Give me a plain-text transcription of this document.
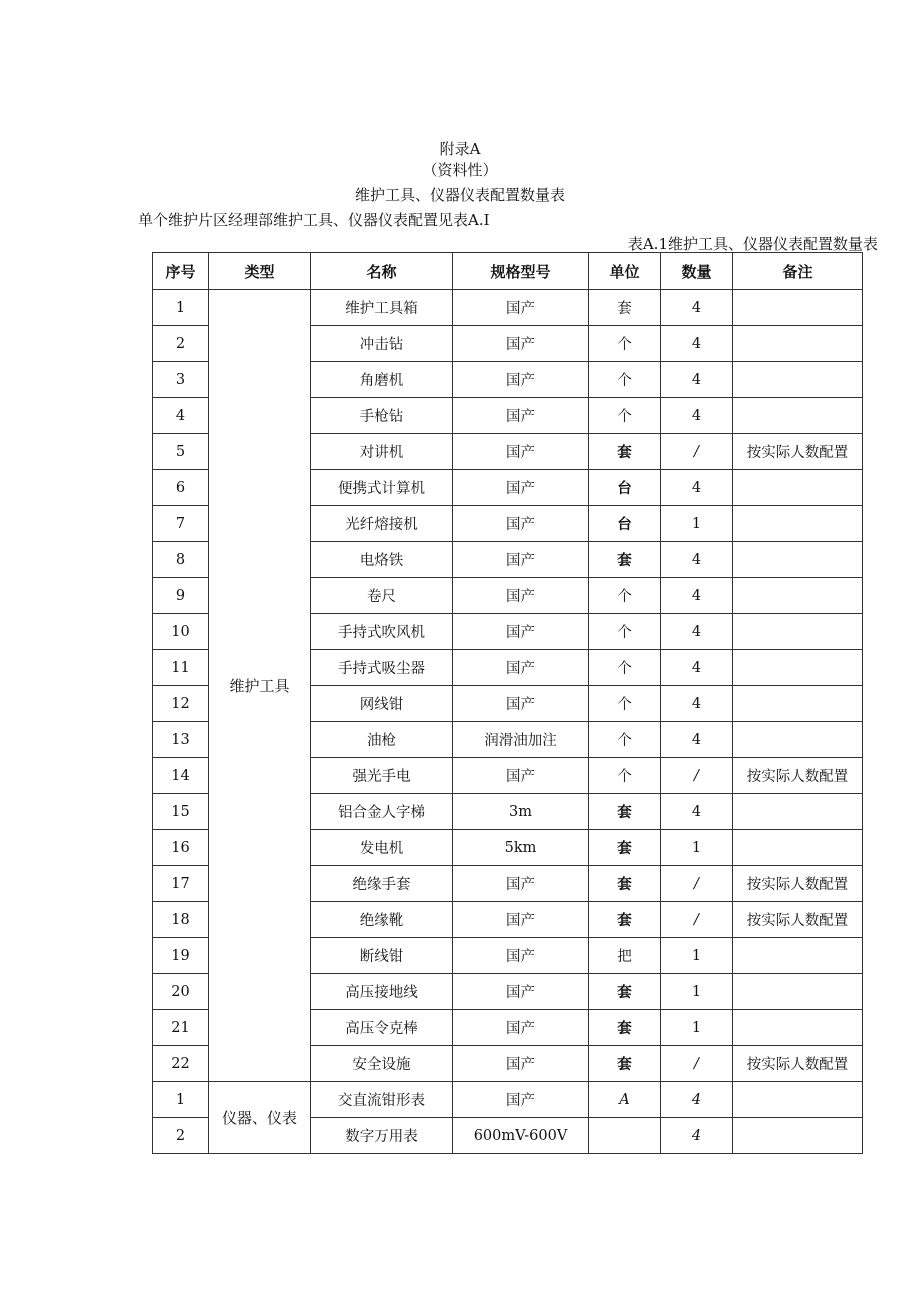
附录A
（资料性）
维护工具、仪器仪表配置数量表
单个维护片区经理部维护工具、仪器仪表配置见表A.I
表A.1维护工具、仪器仪表配置数量表
序号	类型	名称	规格型号	单位	数量	备注
1	维护工具	维护工具箱	国产	套	4	
2		冲击钻	国产	个	4	
3		角磨机	国产	个	4	
4		手枪钻	国产	个	4	
5		对讲机	国产	套	/	按实际人数配置
6		便携式计算机	国产	台	4	
7		光纤熔接机	国产	台	1	
8		电烙铁	国产	套	4	
9		卷尺	国产	个	4	
10		手持式吹风机	国产	个	4	
11		手持式吸尘器	国产	个	4	
12		网线钳	国产	个	4	
13		油枪	润滑油加注	个	4	
14		强光手电	国产	个	/	按实际人数配置
15		铝合金人字梯	3m	套	4	
16		发电机	5km	套	1	
17		绝缘手套	国产	套	/	按实际人数配置
18		绝缘靴	国产	套	/	按实际人数配置
19		断线钳	国产	把	1	
20		高压接地线	国产	套	1	
21		高压令克棒	国产	套	1	
22		安全设施	国产	套	/	按实际人数配置
1	仪器、仪表	交直流钳形表	国产	A	4	
2		数字万用表	600mV-600V		4	
